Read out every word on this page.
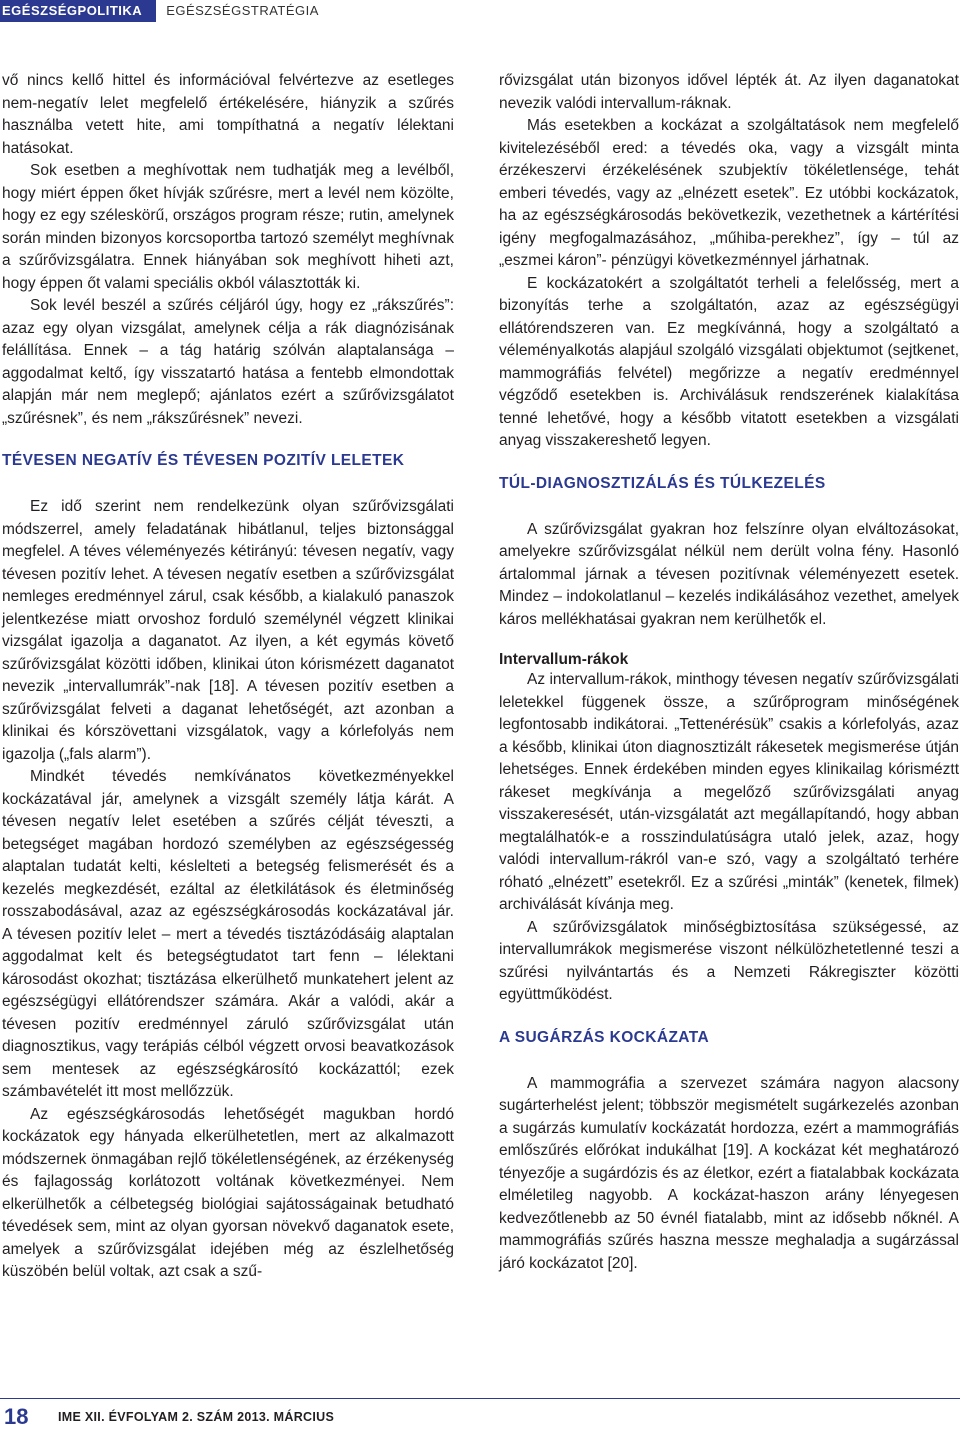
EGÉSZSÉGPOLITIKA	EGÉSZSÉGSTRATÉGIA

vő nincs kellő hittel és információval felvértezve az esetleges nem-negatív lelet megfelelő értékelésére, hiányzik a szűrés használba vetett hite, ami tompíthatná a negatív lélektani hatásokat.

Sok esetben a meghívottak nem tudhatják meg a levélből, hogy miért éppen őket hívják szűrésre, mert a levél nem közölte, hogy ez egy széleskörű, országos program része; rutin, amelynek során minden bizonyos korcsoportba tartozó személyt meghívnak a szűrővizsgálatra. Ennek hiányában sok meghívott hiheti azt, hogy éppen őt valami speciális okból választották ki.

Sok levél beszél a szűrés céljáról úgy, hogy ez „rákszűrés”: azaz egy olyan vizsgálat, amelynek célja a rák diagnózisának felállítása. Ennek – a tág határig szólván alaptalansága – aggodalmat keltő, így visszatartó hatása a fentebb elmondottak alapján már nem meglepő; ajánlatos ezért a szűrővizsgálatot „szűrésnek”, és nem „rákszűrésnek” nevezi.

TÉVESEN NEGATÍV ÉS TÉVESEN POZITÍV LELETEK

Ez idő szerint nem rendelkezünk olyan szűrővizsgálati módszerrel, amely feladatának hibátlanul, teljes biztonsággal megfelel. A téves véleményezés kétirányú: tévesen negatív, vagy tévesen pozitív lehet. A tévesen negatív esetben a szűrővizsgálat nemleges eredménnyel zárul, csak később, a kialakuló panaszok jelentkezése miatt orvoshoz forduló személynél végzett klinikai vizsgálat igazolja a daganatot. Az ilyen, a két egymás követő szűrővizsgálat közötti időben, klinikai úton kórismézett daganatot nevezik „intervallumrák”-nak [18]. A tévesen pozitív esetben a szűrővizsgálat felveti a daganat lehetőségét, azt azonban a klinikai és kórszövettani vizsgálatok, vagy a kórlefolyás nem igazolja („fals alarm”).

Mindkét tévedés nemkívánatos következményekkel kockázatával jár, amelynek a vizsgált személy látja kárát. A tévesen negatív lelet esetében a szűrés célját téveszti, a betegséget magában hordozó személyben az egészségesség alaptalan tudatát kelti, késlelteti a betegség felismerését és a kezelés megkezdését, ezáltal az életkilátások és életminőség rosszabodásával, azaz az egészségkárosodás kockázatával jár. A tévesen pozitív lelet – mert a tévedés tisztázódásáig alaptalan aggodalmat kelt és betegségtudatot tart fenn – lélektani károsodást okozhat; tisztázása elkerülhető munkatehert jelent az egészségügyi ellátórendszer számára. Akár a valódi, akár a tévesen pozitív eredménnyel záruló szűrővizsgálat után diagnosztikus, vagy terápiás célból végzett orvosi beavatkozások sem mentesek az egészségkárosító kockázattól; ezek számbavételét itt most mellőzzük.

Az egészségkárosodás lehetőségét magukban hordó kockázatok egy hányada elkerülhetetlen, mert az alkalmazott módszernek önmagában rejlő tökéletlenségének, az érzékenység és fajlagosság korlátozott voltának következményei. Nem elkerülhetők a célbetegség biológiai sajátosságainak betudható tévedések sem, mint az olyan gyorsan növekvő daganatok esete, amelyek a szűrővizsgálat idejében még az észlelhetőség küszöbén belül voltak, azt csak a szű-

rővizsgálat után bizonyos idővel lépték át. Az ilyen daganatokat nevezik valódi intervallum-ráknak.

Más esetekben a kockázat a szolgáltatások nem megfelelő kivitelezéséből ered: a tévedés oka, vagy a vizsgált minta érzékeszervi érzékelésének szubjektív tökéletlensége, tehát emberi tévedés, vagy az „elnézett esetek”. Ez utóbbi kockázatok, ha az egészségkárosodás bekövetkezik, vezethetnek a kártérítési igény megfogalmazásához, „műhiba-perekhez”, így – túl az „eszmei káron”- pénzügyi következménnyel járhatnak.

E kockázatokért a szolgáltatót terheli a felelősség, mert a bizonyítás terhe a szolgáltatón, azaz az egészségügyi ellátórendszeren van. Ez megkívánná, hogy a szolgáltató a véleményalkotás alapjául szolgáló vizsgálati objektumot (sejtkenet, mammográfiás felvétel) megőrizze a negatív eredménnyel végződő esetekben is. Archiválásuk rendszerének kialakítása tenné lehetővé, hogy a később vitatott esetekben a vizsgálati anyag visszakereshető legyen.

TÚL-DIAGNOSZTIZÁLÁS ÉS TÚLKEZELÉS

A szűrővizsgálat gyakran hoz felszínre olyan elváltozásokat, amelyekre szűrővizsgálat nélkül nem derült volna fény. Hasonló ártalommal járnak a tévesen pozitívnak véleményezett esetek. Mindez – indokolatlanul – kezelés indikálásához vezethet, amelyek káros mellékhatásai gyakran nem kerülhetők el.

Intervallum-rákok

Az intervallum-rákok, minthogy tévesen negatív szűrővizsgálati leletekkel függenek össze, a szűrőprogram minőségének legfontosabb indikátorai. „Tettenérésük” csakis a kórlefolyás, azaz a később, klinikai úton diagnosztizált rákesetek megismerése útján lehetséges. Ennek érdekében minden egyes klinikailag kórisméztt rákeset megkívánja a megelőző szűrővizsgálati anyag visszakeresését, után-vizsgálatát azt megállapítandó, hogy abban megtalálhatók-e a rosszindulatúságra utaló jelek, azaz, hogy valódi intervallum-rákról van-e szó, vagy a szolgáltató terhére róható „elnézett” esetekről. Ez a szűrési „minták” (kenetek, filmek) archiválását kívánja meg.

A szűrővizsgálatok minőségbiztosítása szükségessé, az intervallumrákok megismerése viszont nélkülözhetetlenné teszi a szűrési nyilvántartás és a Nemzeti Rákregiszter közötti együttműködést.

A SUGÁRZÁS KOCKÁZATA

A mammográfia a szervezet számára nagyon alacsony sugárterhelést jelent; többször megismételt sugárkezelés azonban a sugárzás kumulatív kockázatát hordozza, ezért a mammográfiás emlőszűrés előrókat indukálhat [19]. A kockázat két meghatározó tényezője a sugárdózis és az életkor, ezért a fiatalabbak kockázata elméletileg nagyobb. A kockázat-haszon arány lényegesen kedvezőtlenebb az 50 évnél fiatalabb, mint az idősebb nőknél. A mammográfiás szűrés haszna messze meghaladja a sugárzással járó kockázatot [20].

18 IME XII. ÉVFOLYAM 2. SZÁM 2013. MÁRCIUS
